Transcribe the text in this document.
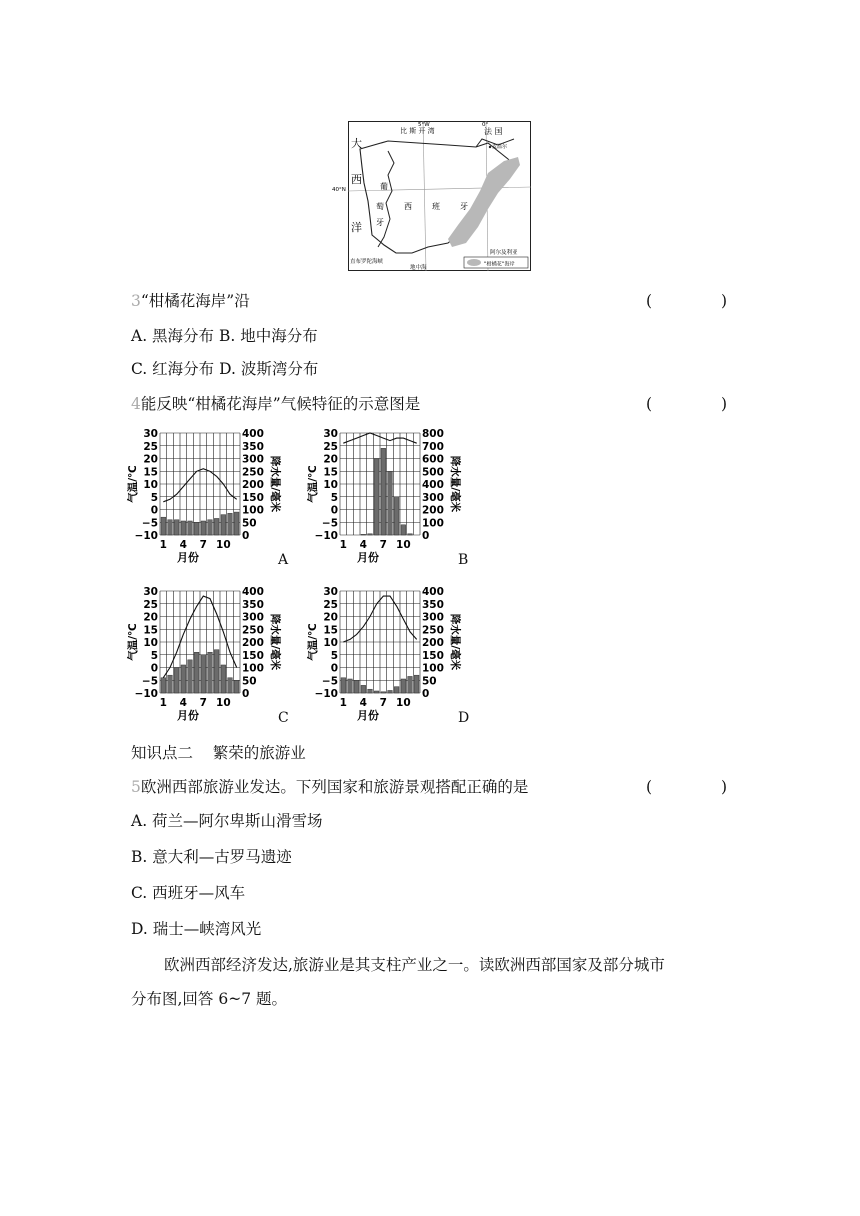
"柑橘花"海岸
5°W	0°
40°N
比 斯 开 湾
大
西
洋
葡
萄
牙
西	班	牙
法 国
麦温尔
直布罗陀海峡
地中海
阿尔及利亚
3“柑橘花海岸”沿	(	)
A. 黑海分布 B. 地中海分布
C. 红海分布 D. 波斯湾分布
4能反映“柑橘花海岸”气候特征的示意图是	(	)
30
25
20
15
10
5
0
−5
−10
400
350
300
250
200
150
100
50
0
1 4 7 10
月份
气温/℃	降水量/毫米
30
25
20
15
10
5
0
−5
−10
800
700
600
500
400
300
200
100
0
1 4 7 10
月份
气温/℃	降水量/毫米
30
25
20
15
10
5
0
−5
−10
400
350
300
250
200
150
100
50
0
1 4 7 10
月份
气温/℃	降水量/毫米
30
25
20
15
10
5
0
−5
−10
400
350
300
250
200
150
100
50
0
1 4 7 10
月份
气温/℃	降水量/毫米
A	B
C	D
知识点二    繁荣的旅游业
5欧洲西部旅游业发达。下列国家和旅游景观搭配正确的是	(	)
A. 荷兰—阿尔卑斯山滑雪场
B. 意大利—古罗马遗迹
C. 西班牙—风车
D. 瑞士—峡湾风光
欧洲西部经济发达,旅游业是其支柱产业之一。读欧洲西部国家及部分城市
分布图,回答 6~7 题。
